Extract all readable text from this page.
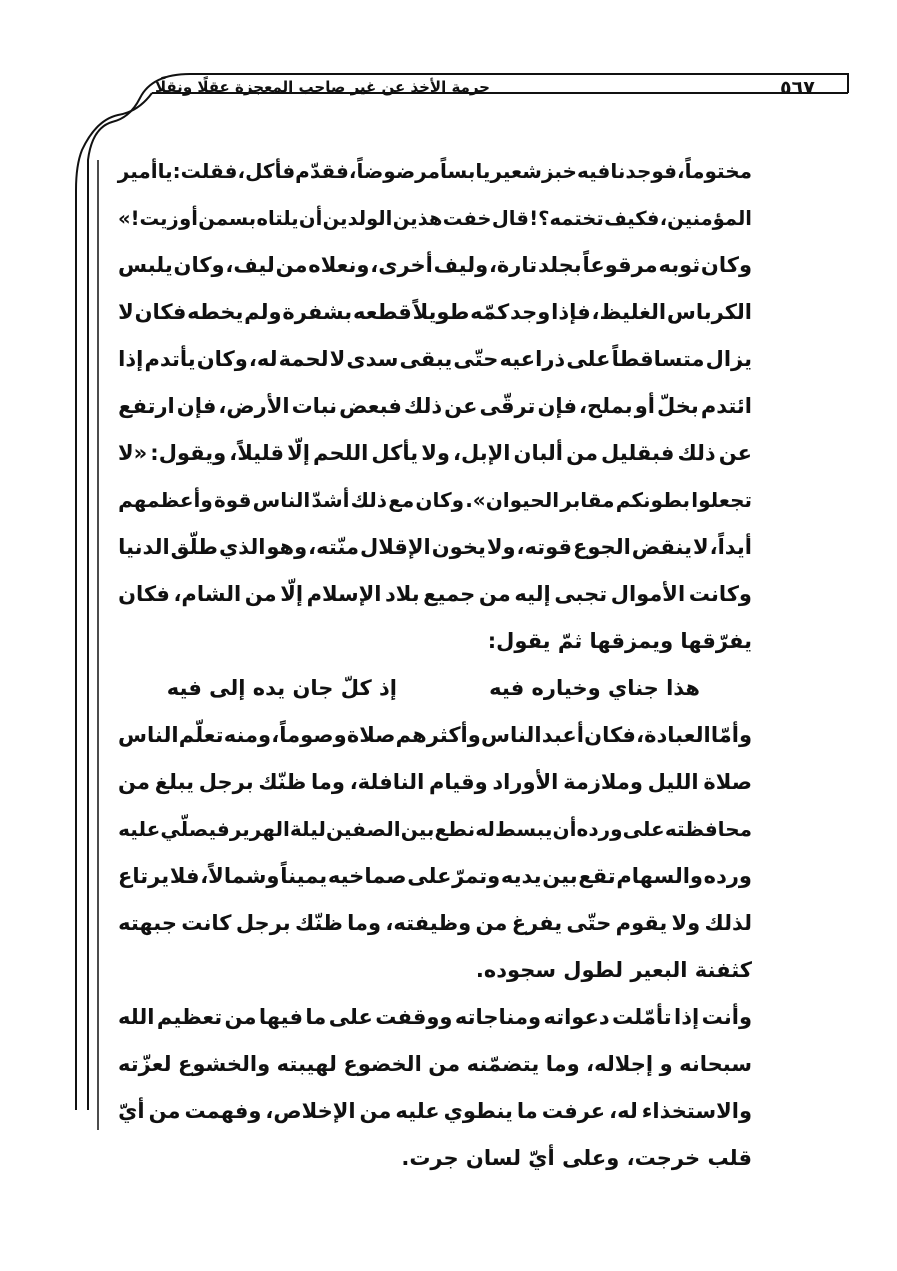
حرمة الأخذ عن غير صاحب المعجزة عقلًا ونقلًا	٥٦٧
مختوماً،
فوجدنا
فيه
خبز
شعير
يابساً
مرضوضاً،
فقدّم
فأكل،
فقلت:
يا
أمير
المؤمنين،
فكيف
تختمه؟!
قال
خفت
هذين
الولدين
أن
يلتاه
بسمن
أو
زيت!»
وكان
ثوبه
مرقوعاً
بجلد
تارة،
وليف
أخرى،
ونعلاه
من
ليف،
وكان
يلبس
الكرباس
الغليظ،
فإذا
وجد
كمّه
طويلاً
قطعه
بشفرة
ولم
يخطه
فكان
لا
يزال
متساقطاً
على
ذراعيه
حتّى
يبقى
سدى
لا
لحمة
له،
وكان
يأتدم
إذا
ائتدم
بخلّ
أو
بملح،
فإن
ترقّى
عن
ذلك
فبعض
نبات
الأرض،
فإن
ارتفع
عن
ذلك
فبقليل
من
ألبان
الإبل،
ولا
يأكل
اللحم
إلّا
قليلاً،
ويقول:
«لا
تجعلوا
بطونكم
مقابر
الحيوان».
وكان
مع
ذلك
أشدّ
الناس
قوة
وأعظمهم
أيداً،
لا
ينقض
الجوع
قوته،
ولا
يخون
الإقلال
منّته،
وهو
الذي
طلّق
الدنيا
وكانت
الأموال
تجبى
إليه
من
جميع
بلاد
الإسلام
إلّا
من
الشام،
فكان
يفرّقها ويمزقها ثمّ يقول:
هذا جناي وخياره فيه
إذ كلّ جان يده إلى فيه
وأمّا
العبادة،
فكان
أعبد
الناس
وأكثرهم
صلاة
وصوماً،
ومنه
تعلّم
الناس
صلاة
الليل
وملازمة
الأوراد
وقيام
النافلة،
وما
ظنّك
برجل
يبلغ
من
محافظته
على
ورده
أن
يبسط
له
نطع
بين
الصفين
ليلة
الهرير
فيصلّي
عليه
ورده
والسهام
تقع
بين
يديه
وتمرّ
على
صماخيه
يميناً
وشمالاً،
فلا
يرتاع
لذلك
ولا
يقوم
حتّى
يفرغ
من
وظيفته،
وما
ظنّك
برجل
كانت
جبهته
كثفنة البعير لطول سجوده.
وأنت
إذا
تأمّلت
دعواته
ومناجاته
ووقفت
على
ما
فيها
من
تعظيم
الله
سبحانه
و
إجلاله،
وما
يتضمّنه
من
الخضوع
لهيبته
والخشوع
لعزّته
والاستخذاء
له،
عرفت
ما
ينطوي
عليه
من
الإخلاص،
وفهمت
من
أيّ
قلب خرجت، وعلى أيّ لسان جرت.
